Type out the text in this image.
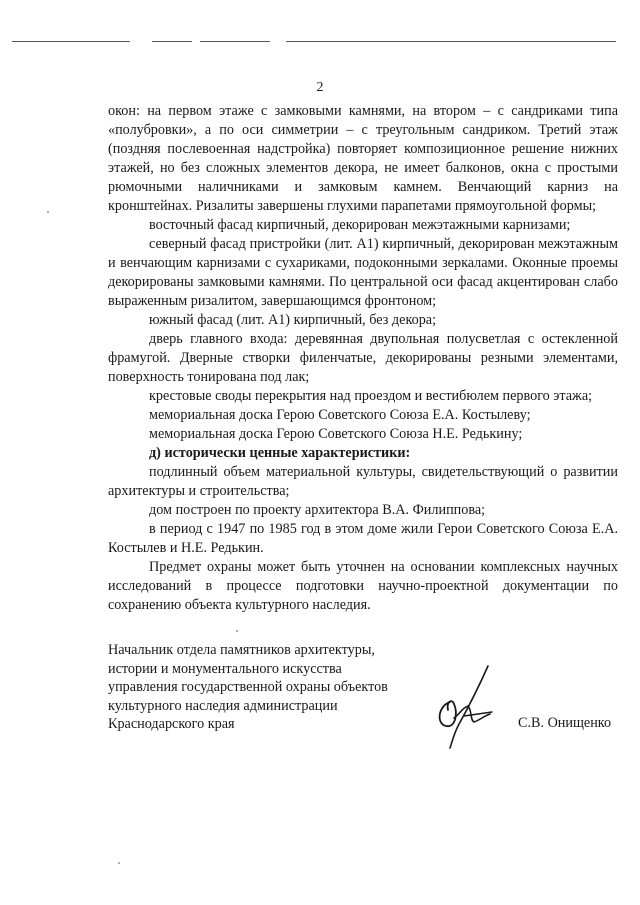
2

окон: на первом этаже с замковыми камнями, на втором – с сандриками типа «полубровки», а по оси симметрии – с треугольным сандриком. Третий этаж (поздняя послевоенная надстройка) повторяет композиционное решение нижних этажей, но без сложных элементов декора, не имеет балконов, окна с простыми рюмочными наличниками и замковым камнем. Венчающий карниз на кронштейнах. Ризалиты завершены глухими парапетами прямоугольной формы;

восточный фасад кирпичный, декорирован межэтажными карнизами;

северный фасад пристройки (лит. А1) кирпичный, декорирован межэтажным и венчающим карнизами с сухариками, подоконными зеркалами. Оконные проемы декорированы замковыми камнями. По центральной оси фасад акцентирован слабо выраженным ризалитом, завершающимся фронтоном;

южный фасад (лит. А1) кирпичный, без декора;

дверь главного входа: деревянная двупольная полусветлая с остекленной фрамугой. Дверные створки филенчатые, декорированы резными элементами, поверхность тонирована под лак;

крестовые своды перекрытия над проездом и вестибюлем первого этажа;

мемориальная доска Герою Советского Союза Е.А. Костылеву;

мемориальная доска Герою Советского Союза Н.Е. Редькину;

д) исторически ценные характеристики:

подлинный объем материальной культуры, свидетельствующий о развитии архитектуры и строительства;

дом построен по проекту архитектора В.А. Филиппова;

в период с 1947 по 1985 год в этом доме жили Герои Советского Союза Е.А. Костылев и Н.Е. Редькин.

Предмет охраны может быть уточнен на основании комплексных научных исследований в процессе подготовки научно-проектной документации по сохранению объекта культурного наследия.

Начальник отдела памятников архитектуры,
истории и монументального искусства
управления государственной охраны объектов
культурного наследия администрации
Краснодарского края	С.В. Онищенко
